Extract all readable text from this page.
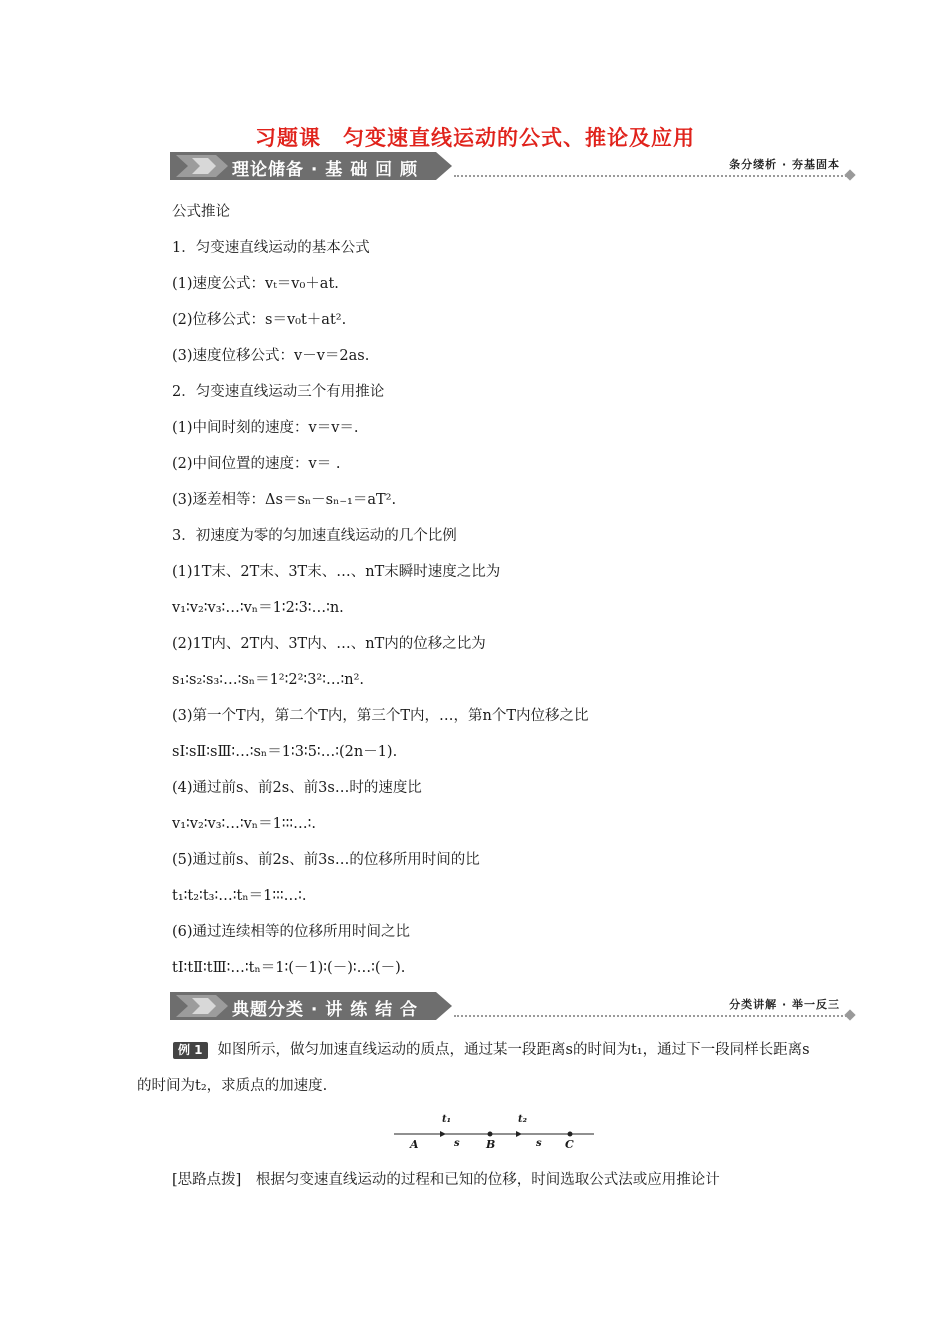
习题课　匀变速直线运动的公式、推论及应用
理论储备 · 基 础 回 顾	条分缕析 · 夯基固本
公式推论
1．匀变速直线运动的基本公式
(1)速度公式：vₜ＝v₀＋at.
(2)位移公式：s＝v₀t＋at².
(3)速度位移公式：v－v＝2as.
2．匀变速直线运动三个有用推论
(1)中间时刻的速度：v＝v＝.
(2)中间位置的速度：v＝ .
(3)逐差相等：Δs＝sₙ－sₙ₋₁＝aT².
3．初速度为零的匀加速直线运动的几个比例
(1)1T末、2T末、3T末、…、nT末瞬时速度之比为
v₁∶v₂∶v₃∶…∶vₙ＝1∶2∶3∶…∶n.
(2)1T内、2T内、3T内、…、nT内的位移之比为
s₁∶s₂∶s₃∶…∶sₙ＝1²∶2²∶3²∶…∶n².
(3)第一个T内，第二个T内，第三个T内，…，第n个T内位移之比
sⅠ∶sⅡ∶sⅢ∶…∶sₙ＝1∶3∶5∶…∶(2n－1).
(4)通过前s、前2s、前3s…时的速度比
v₁∶v₂∶v₃∶…∶vₙ＝1∶∶∶…∶.
(5)通过前s、前2s、前3s…的位移所用时间的比
t₁∶t₂∶t₃∶…∶tₙ＝1∶∶∶…∶.
(6)通过连续相等的位移所用时间之比
tⅠ∶tⅡ∶tⅢ∶…∶tₙ＝1∶(－1)∶(－)∶…∶(－).
典题分类 · 讲 练 结 合	分类讲解 · 举一反三
例 1 如图所示，做匀加速直线运动的质点，通过某一段距离s的时间为t₁，通过下一段同样长距离s的时间为t₂，求质点的加速度.
t₁	t₂
A	s B	s C
[思路点拨]　根据匀变速直线运动的过程和已知的位移，时间选取公式法或应用推论计
